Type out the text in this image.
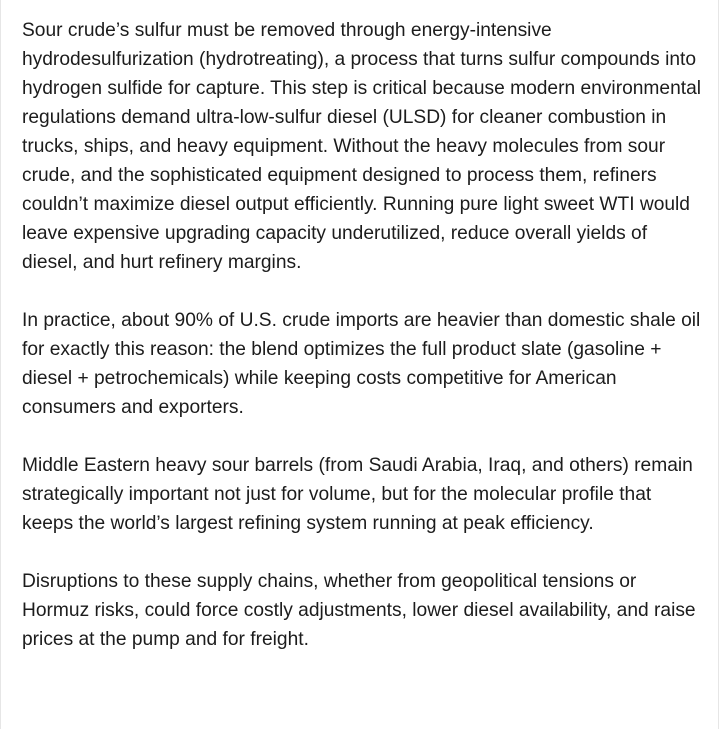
Sour crude’s sulfur must be removed through energy-intensive hydrodesulfurization (hydrotreating), a process that turns sulfur compounds into hydrogen sulfide for capture. This step is critical because modern environmental regulations demand ultra-low-sulfur diesel (ULSD) for cleaner combustion in trucks, ships, and heavy equipment. Without the heavy molecules from sour crude, and the sophisticated equipment designed to process them, refiners couldn’t maximize diesel output efficiently. Running pure light sweet WTI would leave expensive upgrading capacity underutilized, reduce overall yields of diesel, and hurt refinery margins.

In practice, about 90% of U.S. crude imports are heavier than domestic shale oil for exactly this reason: the blend optimizes the full product slate (gasoline + diesel + petrochemicals) while keeping costs competitive for American consumers and exporters.

Middle Eastern heavy sour barrels (from Saudi Arabia, Iraq, and others) remain strategically important not just for volume, but for the molecular profile that keeps the world’s largest refining system running at peak efficiency.

Disruptions to these supply chains, whether from geopolitical tensions or Hormuz risks, could force costly adjustments, lower diesel availability, and raise prices at the pump and for freight.
